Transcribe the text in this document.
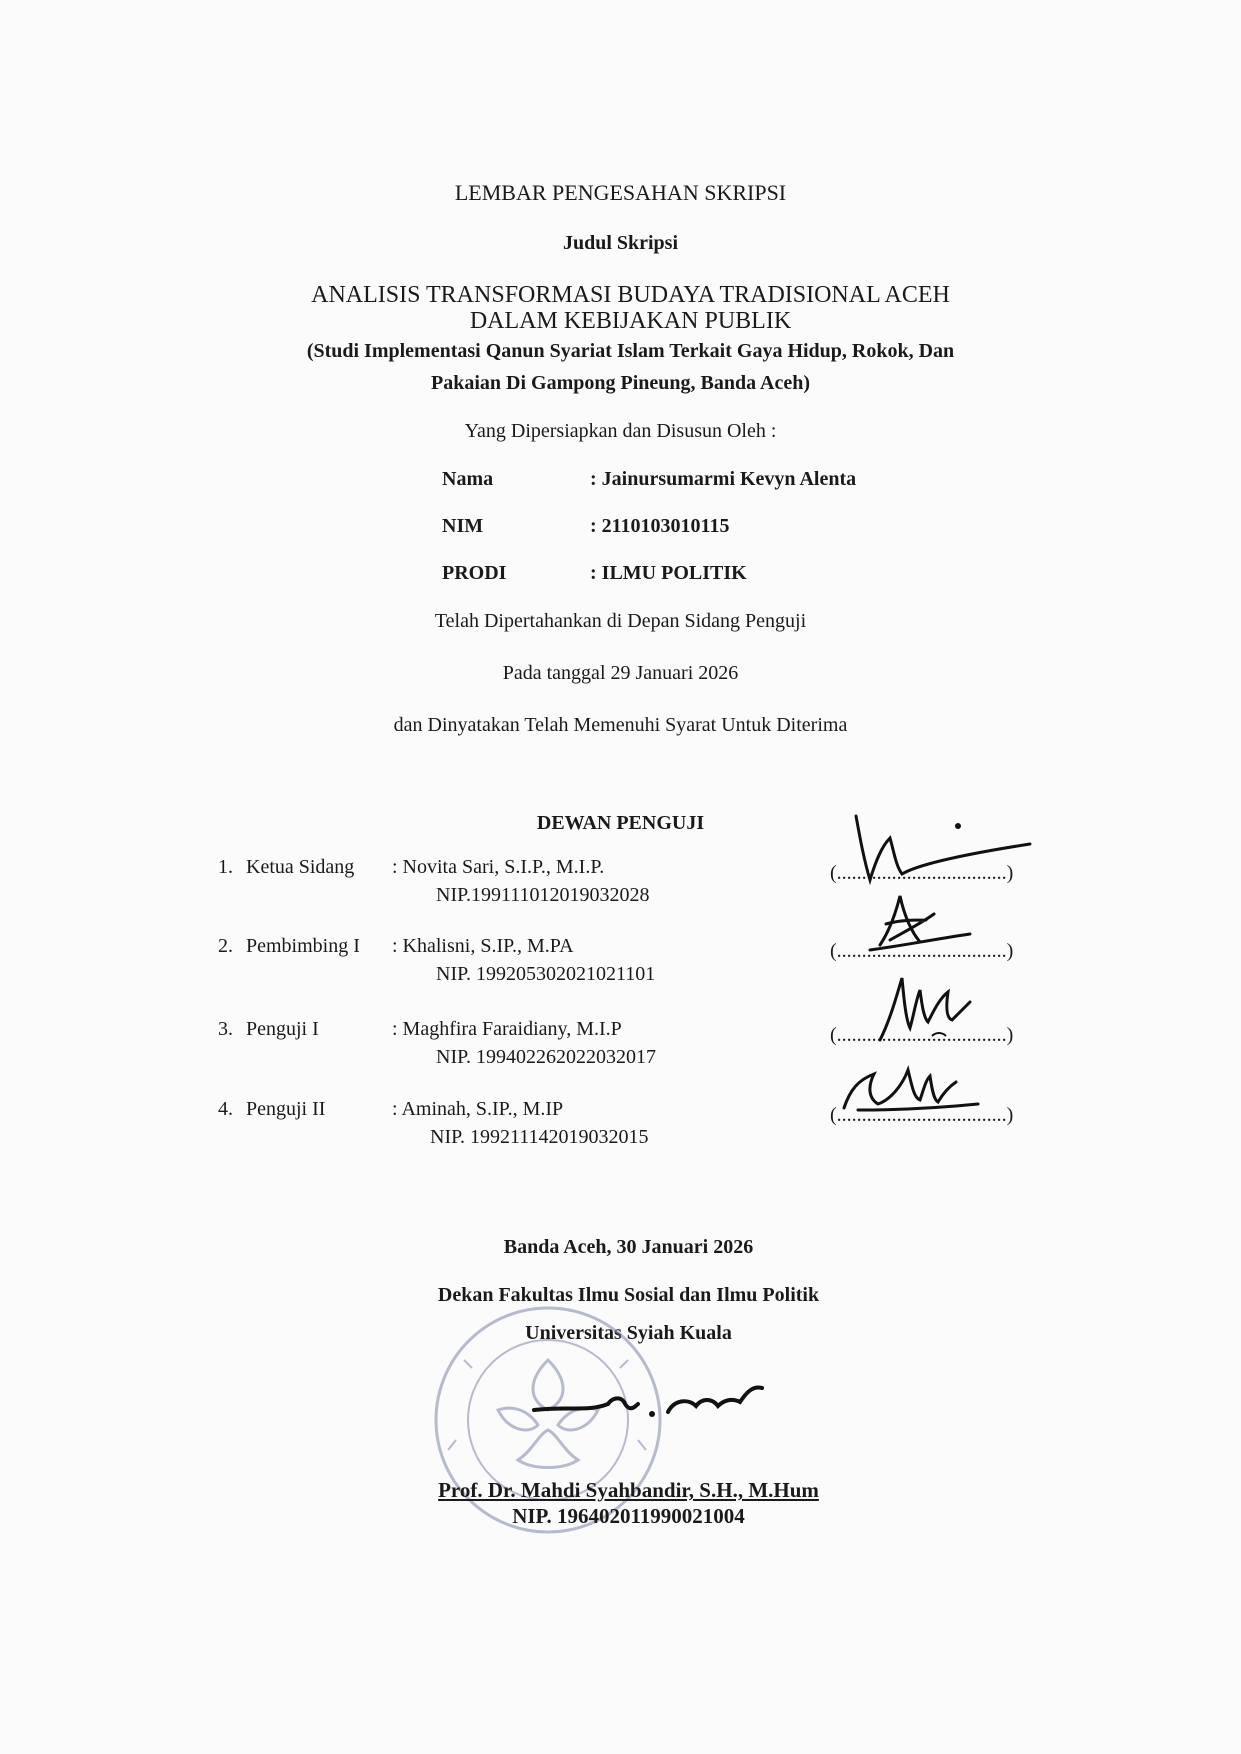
LEMBAR PENGESAHAN SKRIPSI
Judul Skripsi
ANALISIS TRANSFORMASI BUDAYA TRADISIONAL ACEH
DALAM KEBIJAKAN PUBLIK
(Studi Implementasi Qanun Syariat Islam Terkait Gaya Hidup, Rokok, Dan
Pakaian Di Gampong Pineung, Banda Aceh)
Yang Dipersiapkan dan Disusun Oleh :
Nama	: Jainursumarmi Kevyn Alenta
NIM	: 2110103010115
PRODI	: ILMU POLITIK
Telah Dipertahankan di Depan Sidang Penguji
Pada tanggal 29 Januari 2026
dan Dinyatakan Telah Memenuhi Syarat Untuk Diterima
DEWAN PENGUJI
1. Ketua Sidang : Novita Sari, S.I.P., M.I.P.
NIP.199111012019032028
(..................................)
2. Pembimbing I : Khalisni, S.IP., M.PA
NIP. 199205302021021101
(..................................)
3. Penguji I	: Maghfira Faraidiany, M.I.P
NIP. 199402262022032017
(..................................)
4. Penguji II	: Aminah, S.IP., M.IP
NIP. 199211142019032015
(..................................)
Banda Aceh, 30 Januari 2026
Dekan Fakultas Ilmu Sosial dan Ilmu Politik
Universitas Syiah Kuala
Prof. Dr. Mahdi Syahbandir, S.H., M.Hum
NIP. 196402011990021004
